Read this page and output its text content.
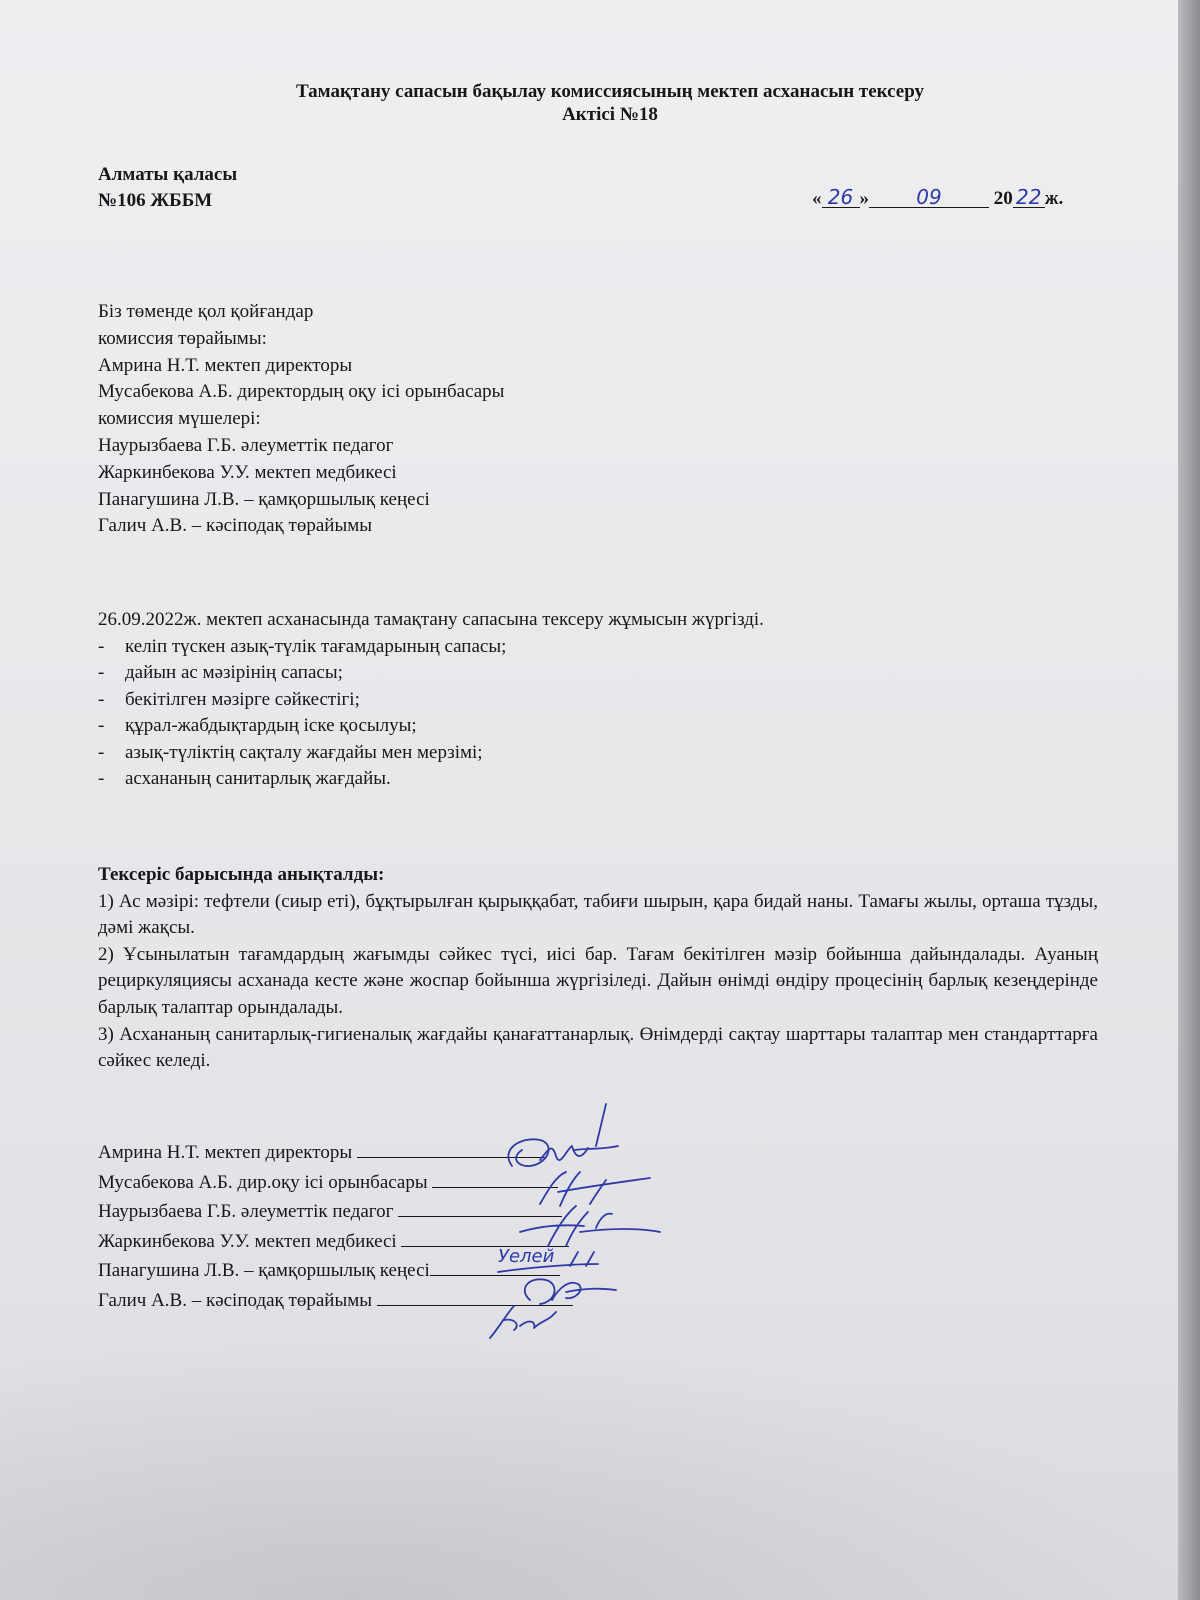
Тамақтану сапасын бақылау комиссиясының мектеп асханасын тексеру
Актісі №18
Алматы қаласы
№106 ЖББМ	« 26 » 09	20 22 ж.
Біз төменде қол қойғандар
комиссия төрайымы:
Амрина Н.Т. мектеп директоры
Мусабекова А.Б. директордың оқу ісі орынбасары
комиссия мүшелері:
Наурызбаева Г.Б. әлеуметтік педагог
Жаркинбекова У.У. мектеп медбикесі
Панагушина Л.В. – қамқоршылық кеңесі
Галич А.В. – кәсіподақ төрайымы
26.09.2022ж. мектеп асханасында тамақтану сапасына тексеру жұмысын жүргізді.
- келіп түскен азық-түлік тағамдарының сапасы;
- дайын ас мәзірінің сапасы;
- бекітілген мәзірге сәйкестігі;
- құрал-жабдықтардың іске қосылуы;
- азық-түліктің сақталу жағдайы мен мерзімі;
- асхананың санитарлық жағдайы.
Тексеріс барысында анықталды:

1) Ас мәзірі: тефтели (сиыр еті), бұқтырылған қырыққабат, табиғи шырын, қара бидай наны. Тамағы жылы, орташа тұзды, дәмі жақсы.

2) Ұсынылатын тағамдардың жағымды сәйкес түсі, иісі бар. Тағам бекітілген мәзір бойынша дайындалады. Ауаның рециркуляциясы асханада кесте және жоспар бойынша жүргізіледі. Дайын өнімді өндіру процесінің барлық кезеңдерінде барлық талаптар орындалады.

3) Асхананың санитарлық-гигиеналық жағдайы қанағаттанарлық. Өнімдерді сақтау шарттары талаптар мен стандарттарға сәйкес келеді.

Амрина Н.Т. мектеп директоры
Мусабекова А.Б. дир.оқу ісі орынбасары
Наурызбаева Г.Б. әлеуметтік педагог
Жаркинбекова У.У. мектеп медбикесі
Панагушина Л.В. – қамқоршылық кеңесі
Галич А.В. – кәсіподақ төрайымы
Уелей
